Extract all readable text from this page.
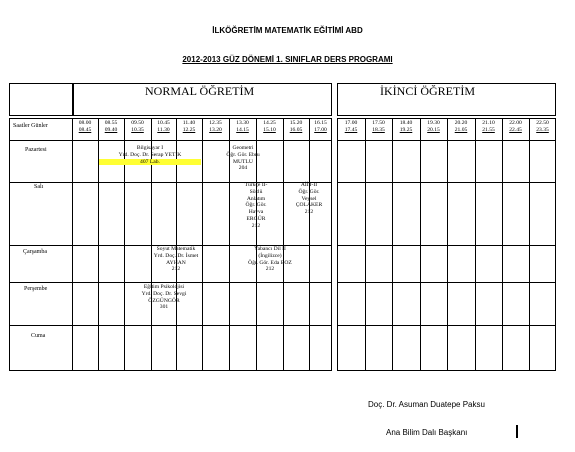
İLKÖĞRETİM MATEMATİK EĞİTİMİ ABD
2012-2013 GÜZ DÖNEMİ 1. SINIFLAR DERS PROGRAMI
NORMAL ÖĞRETİM	İKİNCİ ÖĞRETİM
Saatler Günler
Pazartesi
Salı
Çarşamba
Perşembe
Cuma
Bilgisayar I
Yrd. Doç. Dr. Serap YETİK
407 Lab.
Geometri
Öğr. Gör. Ebru
MUTLU
204
Türkçe II-
Sözlü
Anlatım
Öğr. Gör.
Havva
ERGÜR
212
AİİT-II
Öğr. Gör.
Veysel
ÇOLAKER
212
Soyut Matematik
Yrd. Doç. Dr. İsmet
AYHAN
212
Yabancı Dil II
(İngilizce)
Öğr. Gör. Eda BOZ
212
Eğitim Psikolojisi
Yrd. Doç. Dr. Sevgi
ÖZGÜNGÖR
301
08.00
08.45
08.55
09.40
09.50
10.35
10.45
11.30
11.40
12.25
12.35
13.20
13.30
14.15
14.25
15.10
15.20
16.05
16.15
17.00
17.00
17.45
17.50
18.35
18.40
19.25
19.30
20.15
20.20
21.05
21.10
21.55
22.00
22.45
22.50
23.35
Doç. Dr. Asuman Duatepe Paksu
Ana Bilim Dalı Başkanı
